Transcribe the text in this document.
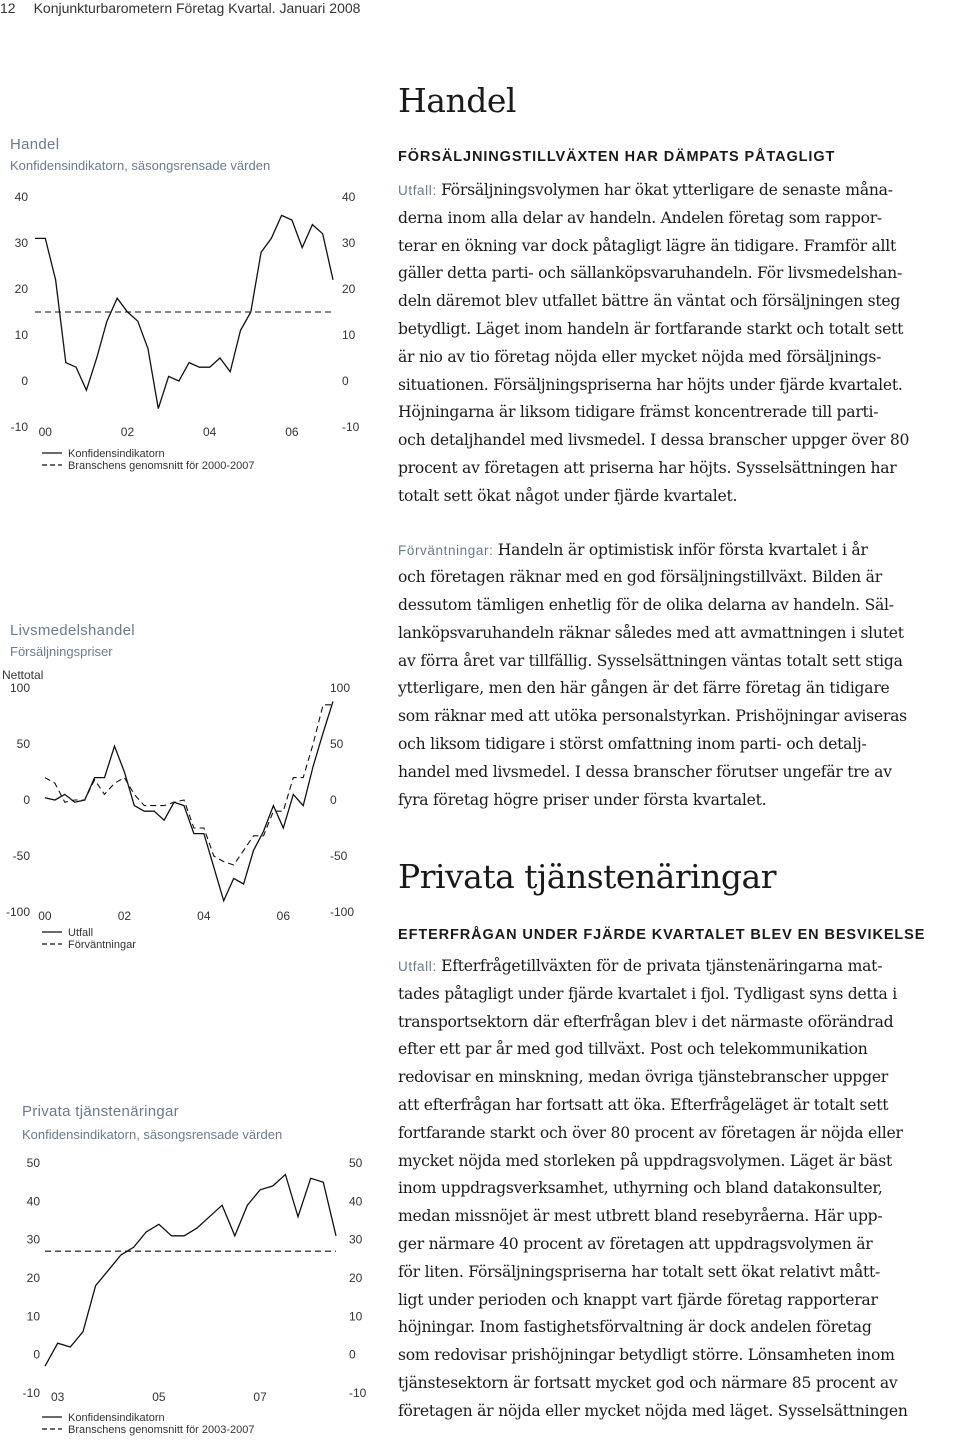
12 Konjunkturbarometern Företag Kvartal. Januari 2008
Handel
Konfidensindikatorn, säsongsrensade värden
-10	-10
0	0
10	10
20	20
30	30
40	40
00	02	04	06
Konfidensindikatorn
Branschens genomsnitt för 2000-2007
Livsmedelshandel
Försäljningspriser
Nettotal
-100	-100
-50	-50
0	0
50	50
100	100
00	02	04	06
Utfall
Förväntningar
Privata tjänstenäringar
Konfidensindikatorn, säsongsrensade värden
-10	-10
0	0
10	10
20	20
30	30
40	40
50	50
03	05	07
Konfidensindikatorn
Branschens genomsnitt för 2003-2007
Handel
FÖRSÄLJNINGSTILLVÄXTEN HAR DÄMPATS PÅTAGLIGT
Utfall: Försäljningsvolymen har ökat ytterligare de senaste måna-
derna inom alla delar av handeln. Andelen företag som rappor-
terar en ökning var dock påtagligt lägre än tidigare. Framför allt
gäller detta parti- och sällanköpsvaruhandeln. För livsmedelshan-
deln däremot blev utfallet bättre än väntat och försäljningen steg
betydligt. Läget inom handeln är fortfarande starkt och totalt sett
är nio av tio företag nöjda eller mycket nöjda med försäljnings-
situationen. Försäljningspriserna har höjts under fjärde kvartalet.
Höjningarna är liksom tidigare främst koncentrerade till parti-
och detaljhandel med livsmedel. I dessa branscher uppger över 80
procent av företagen att priserna har höjts. Sysselsättningen har
totalt sett ökat något under fjärde kvartalet.
Förväntningar: Handeln är optimistisk inför första kvartalet i år
och företagen räknar med en god försäljningstillväxt. Bilden är
dessutom tämligen enhetlig för de olika delarna av handeln. Säl-
lanköpsvaruhandeln räknar således med att avmattningen i slutet
av förra året var tillfällig. Sysselsättningen väntas totalt sett stiga
ytterligare, men den här gången är det färre företag än tidigare
som räknar med att utöka personalstyrkan. Prishöjningar aviseras
och liksom tidigare i störst omfattning inom parti- och detalj-
handel med livsmedel. I dessa branscher förutser ungefär tre av
fyra företag högre priser under första kvartalet.
Privata tjänstenäringar
EFTERFRÅGAN UNDER FJÄRDE KVARTALET BLEV EN BESVIKELSE
Utfall: Efterfrågetillväxten för de privata tjänstenäringarna mat-
tades påtagligt under fjärde kvartalet i fjol. Tydligast syns detta i
transportsektorn där efterfrågan blev i det närmaste oförändrad
efter ett par år med god tillväxt. Post och telekommunikation
redovisar en minskning, medan övriga tjänstebranscher uppger
att efterfrågan har fortsatt att öka. Efterfrågeläget är totalt sett
fortfarande starkt och över 80 procent av företagen är nöjda eller
mycket nöjda med storleken på uppdragsvolymen. Läget är bäst
inom uppdragsverksamhet, uthyrning och bland datakonsulter,
medan missnöjet är mest utbrett bland resebyråerna. Här upp-
ger närmare 40 procent av företagen att uppdragsvolymen är
för liten. Försäljningspriserna har totalt sett ökat relativt mått-
ligt under perioden och knappt vart fjärde företag rapporterar
höjningar. Inom fastighetsförvaltning är dock andelen företag
som redovisar prishöjningar betydligt större. Lönsamheten inom
tjänstesektorn är fortsatt mycket god och närmare 85 procent av
företagen är nöjda eller mycket nöjda med läget. Sysselsättningen
